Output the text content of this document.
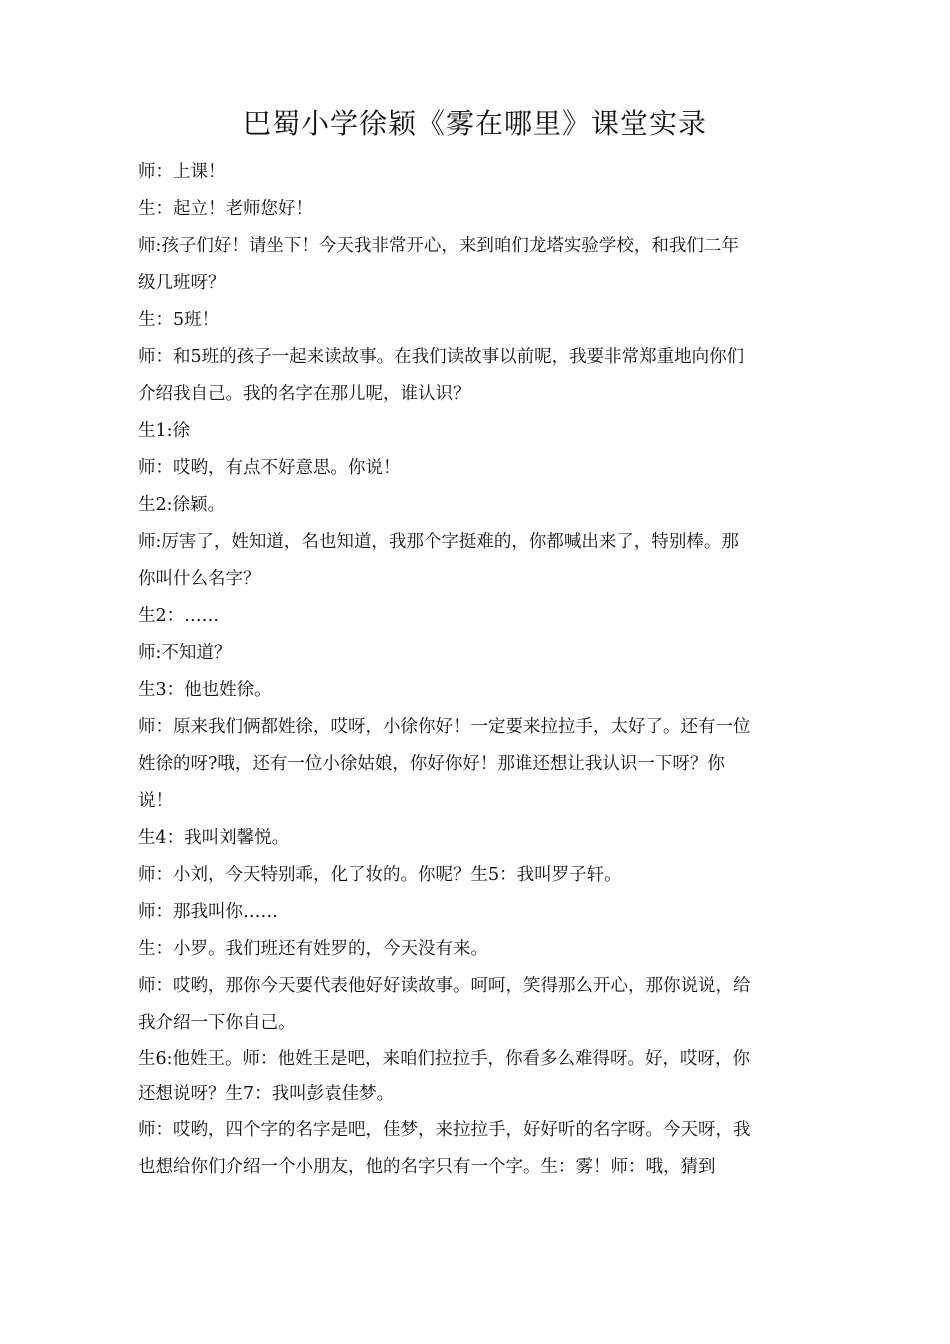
巴蜀小学徐颖《雾在哪里》课堂实录

师：上课！

生：起立！老师您好！

师:孩子们好！请坐下！今天我非常开心，来到咱们龙塔实验学校，和我们二年
级几班呀？

生：5班！

师：和5班的孩子一起来读故事。在我们读故事以前呢，我要非常郑重地向你们
介绍我自己。我的名字在那儿呢，谁认识？

生1:徐

师：哎哟，有点不好意思。你说！

生2:徐颖。

师:厉害了，姓知道，名也知道，我那个字挺难的，你都喊出来了，特别棒。那
你叫什么名字？

生2：……

师:不知道？

生3：他也姓徐。

师：原来我们俩都姓徐，哎呀，小徐你好！一定要来拉拉手，太好了。还有一位
姓徐的呀?哦，还有一位小徐姑娘，你好你好！那谁还想让我认识一下呀？你
说！

生4：我叫刘馨悦。

师：小刘，今天特别乖，化了妆的。你呢？生5：我叫罗子轩。

师：那我叫你……

生：小罗。我们班还有姓罗的，今天没有来。

师：哎哟，那你今天要代表他好好读故事。呵呵，笑得那么开心，那你说说，给
我介绍一下你自己。

生6:他姓王。师：他姓王是吧，来咱们拉拉手，你看多么难得呀。好，哎呀，你
还想说呀？生7：我叫彭袁佳梦。

师：哎哟，四个字的名字是吧，佳梦，来拉拉手，好好听的名字呀。今天呀，我
也想给你们介绍一个小朋友，他的名字只有一个字。生：雾！师：哦，猜到
